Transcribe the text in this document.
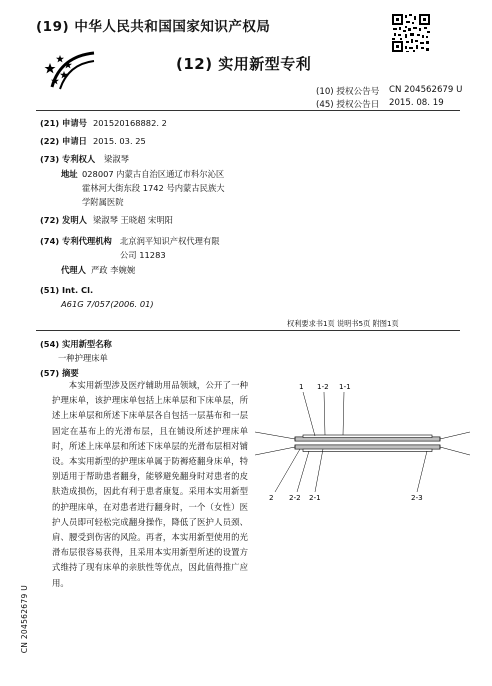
(19) 中华人民共和国国家知识产权局
(12) 实用新型专利
(10) 授权公告号 CN 204562679 U
(45) 授权公告日 2015. 08. 19
(21) 申请号 201520168882. 2
(22) 申请日 2015. 03. 25
(73) 专利权人 梁淑琴
地址 028007 内蒙古自治区通辽市科尔沁区
霍林河大街东段 1742 号内蒙古民族大
学附属医院
(72) 发明人 梁淑琴 王晓超 宋明阳
(74) 专利代理机构 北京润平知识产权代理有限
公司 11283
代理人 严政 李婉婉
(51) Int. Cl.
A61G 7/057(2006. 01)
权利要求书1页 说明书5页 附图1页
(54) 实用新型名称
一种护理床单
(57) 摘要
本实用新型涉及医疗辅助用品领域，公开了一种护理床单，该护理床单包括上床单层和下床单层，所述上床单层和所述下床单层各自包括一层基布和一层固定在基布上的光滑布层，且在铺设所述护理床单时，所述上床单层和所述下床单层的光滑布层相对铺设。本实用新型的护理床单属于防褥疮翻身床单，特别适用于帮助患者翻身，能够避免翻身时对患者的皮肤造成损伤，因此有利于患者康复。采用本实用新型的护理床单，在对患者进行翻身时，一个（女性）医护人员即可轻松完成翻身操作，降低了医护人员颈、肩、腰受到伤害的风险。再者，本实用新型使用的光滑布层很容易获得，且采用本实用新型所述的设置方式维持了现有床单的亲肤性等优点，因此值得推广应用。
1 1-2 1-1
2 2-2 2-1	2-3
CN 204562679 U
